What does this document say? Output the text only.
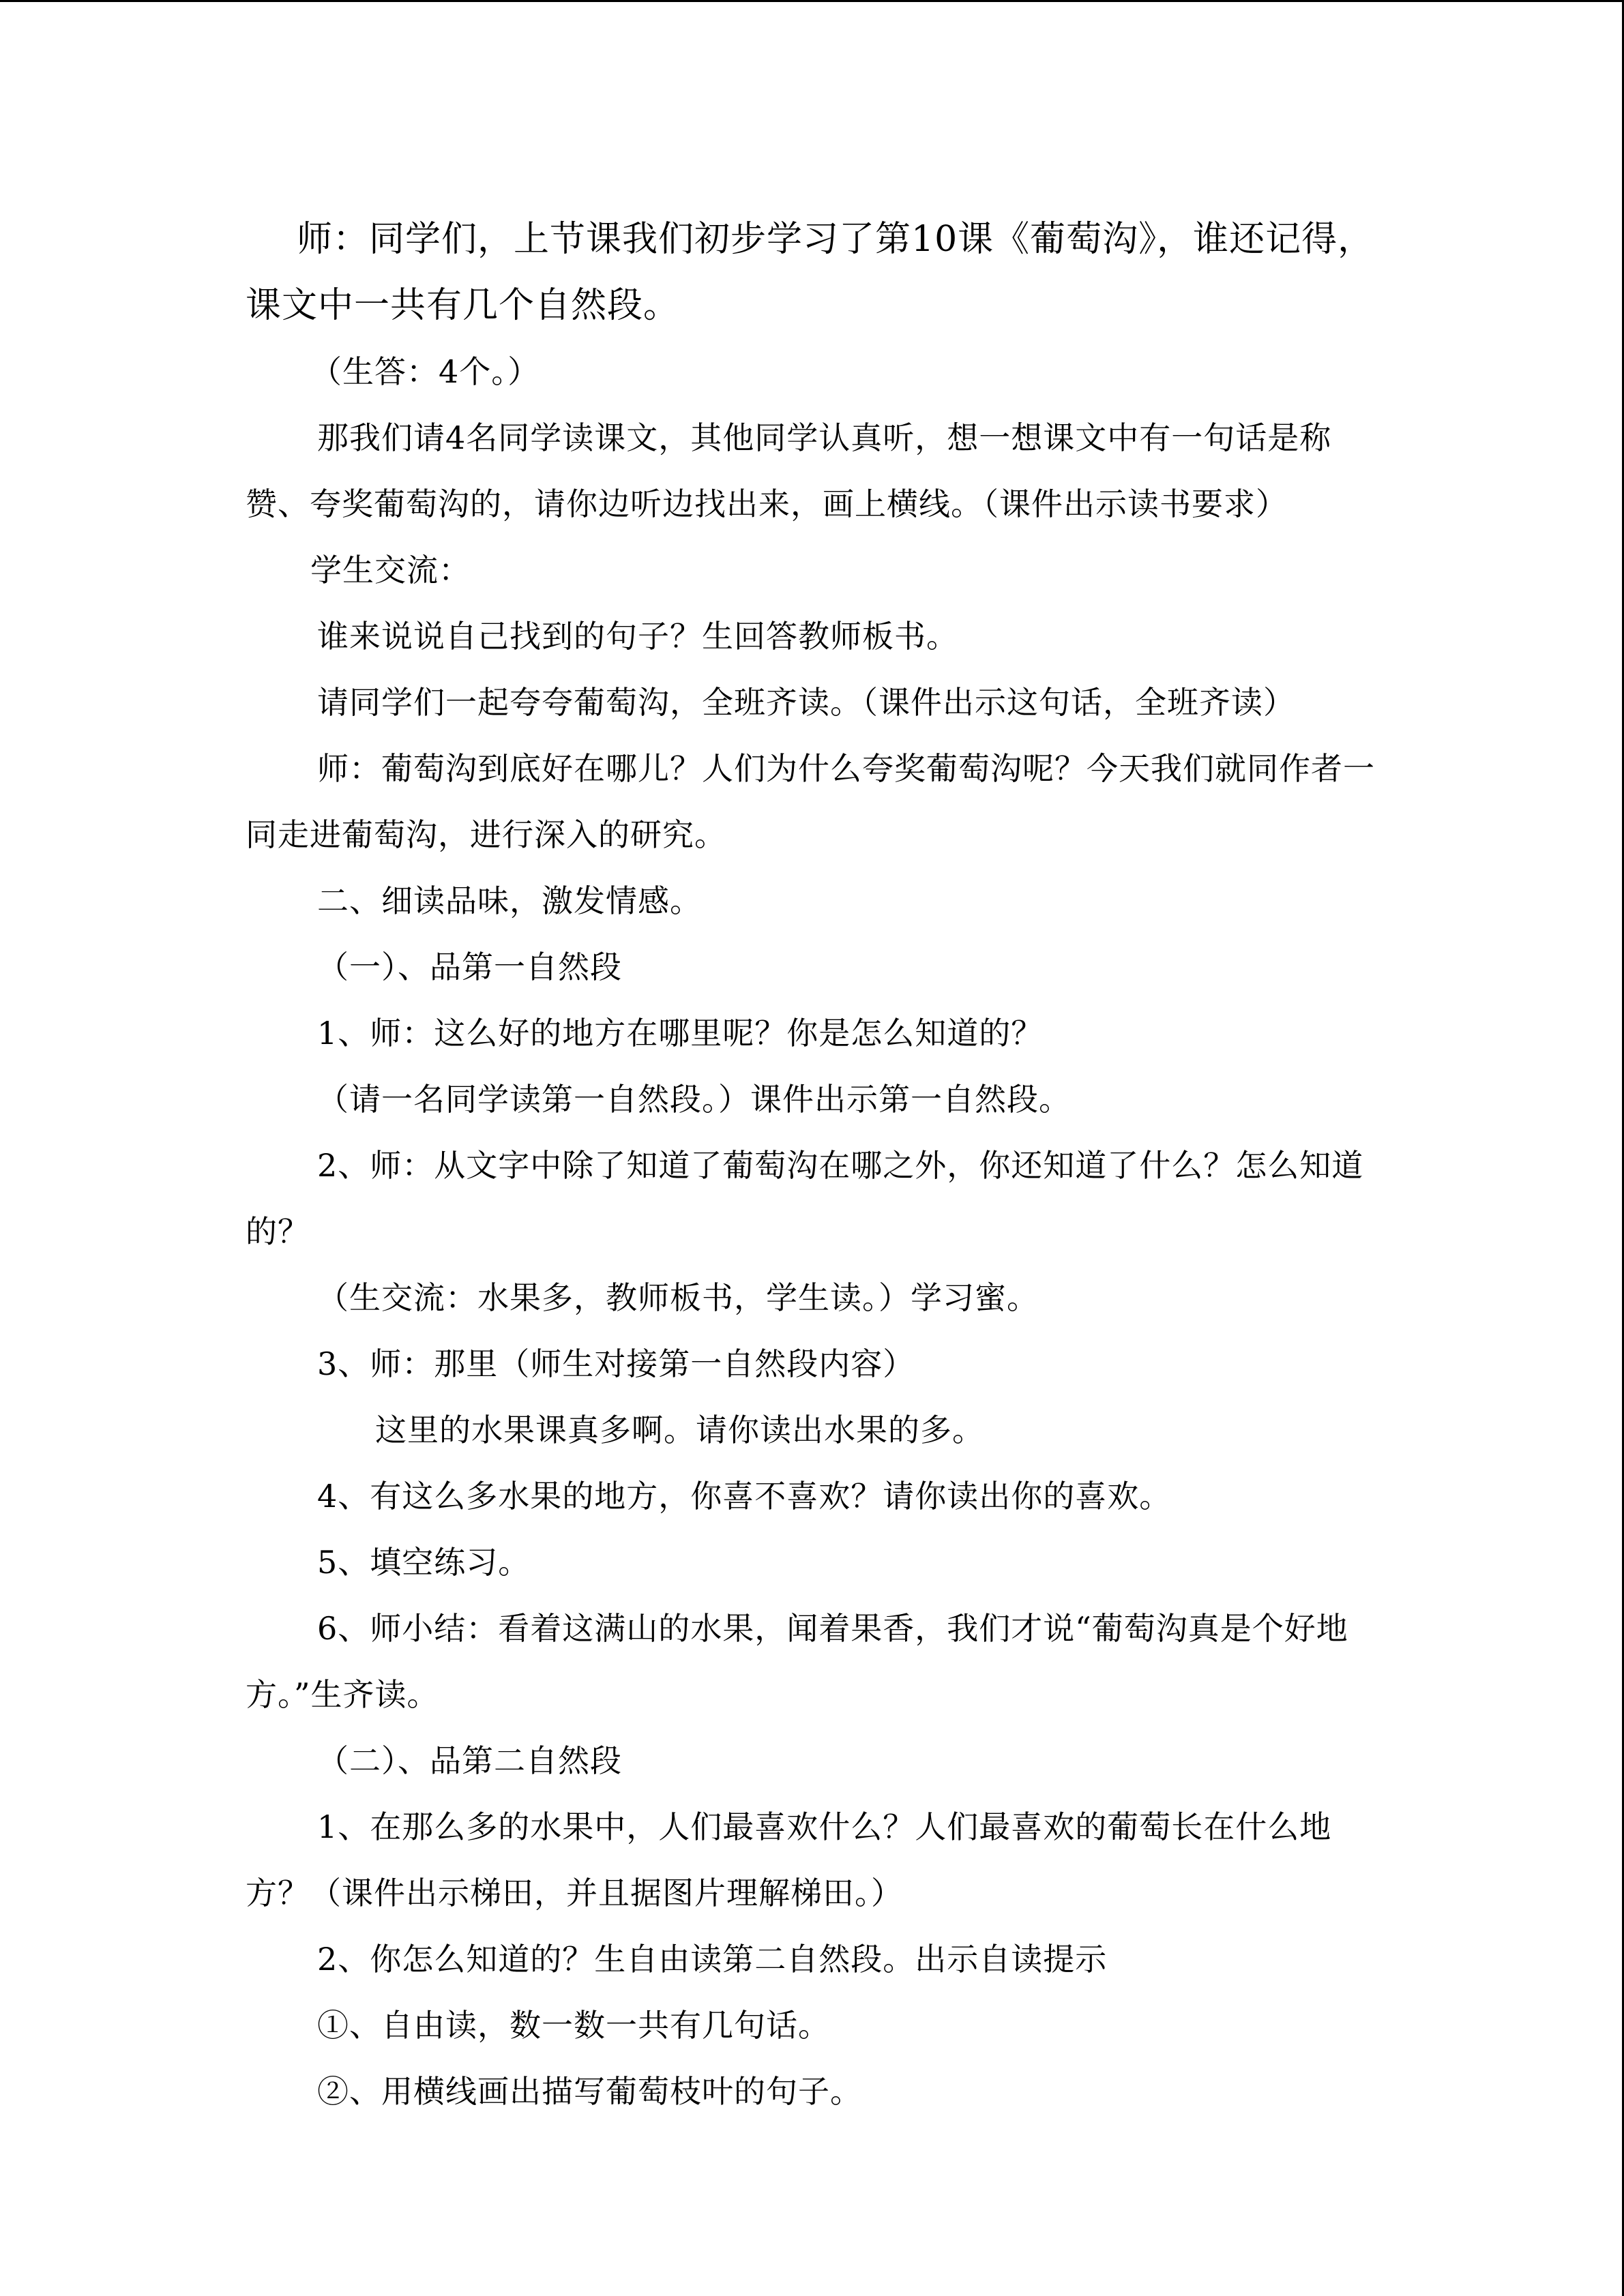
师：同学们，上节课我们初步学习了第10课《葡萄沟》，谁还记得，课文中一共有几个自然段。

（生答：4个。）

那我们请4名同学读课文，其他同学认真听，想一想课文中有一句话是称赞、夸奖葡萄沟的，请你边听边找出来，画上横线。（课件出示读书要求）

学生交流：

谁来说说自己找到的句子？生回答教师板书。

请同学们一起夸夸葡萄沟，全班齐读。（课件出示这句话，全班齐读）

师：葡萄沟到底好在哪儿？人们为什么夸奖葡萄沟呢？今天我们就同作者一同走进葡萄沟，进行深入的研究。

二、细读品味，激发情感。

（一）、品第一自然段

1、师：这么好的地方在哪里呢？你是怎么知道的？

（请一名同学读第一自然段。）课件出示第一自然段。

2、师：从文字中除了知道了葡萄沟在哪之外，你还知道了什么？怎么知道的？

（生交流：水果多，教师板书，学生读。）学习蜜。

3、师：那里（师生对接第一自然段内容）

这里的水果课真多啊。请你读出水果的多。

4、有这么多水果的地方，你喜不喜欢？请你读出你的喜欢。

5、填空练习。

6、师小结：看着这满山的水果，闻着果香，我们才说“葡萄沟真是个好地方。”生齐读。

（二）、品第二自然段

1、在那么多的水果中，人们最喜欢什么？人们最喜欢的葡萄长在什么地方？（课件出示梯田，并且据图片理解梯田。）

2、你怎么知道的？生自由读第二自然段。出示自读提示

①、自由读，数一数一共有几句话。

②、用横线画出描写葡萄枝叶的句子。
